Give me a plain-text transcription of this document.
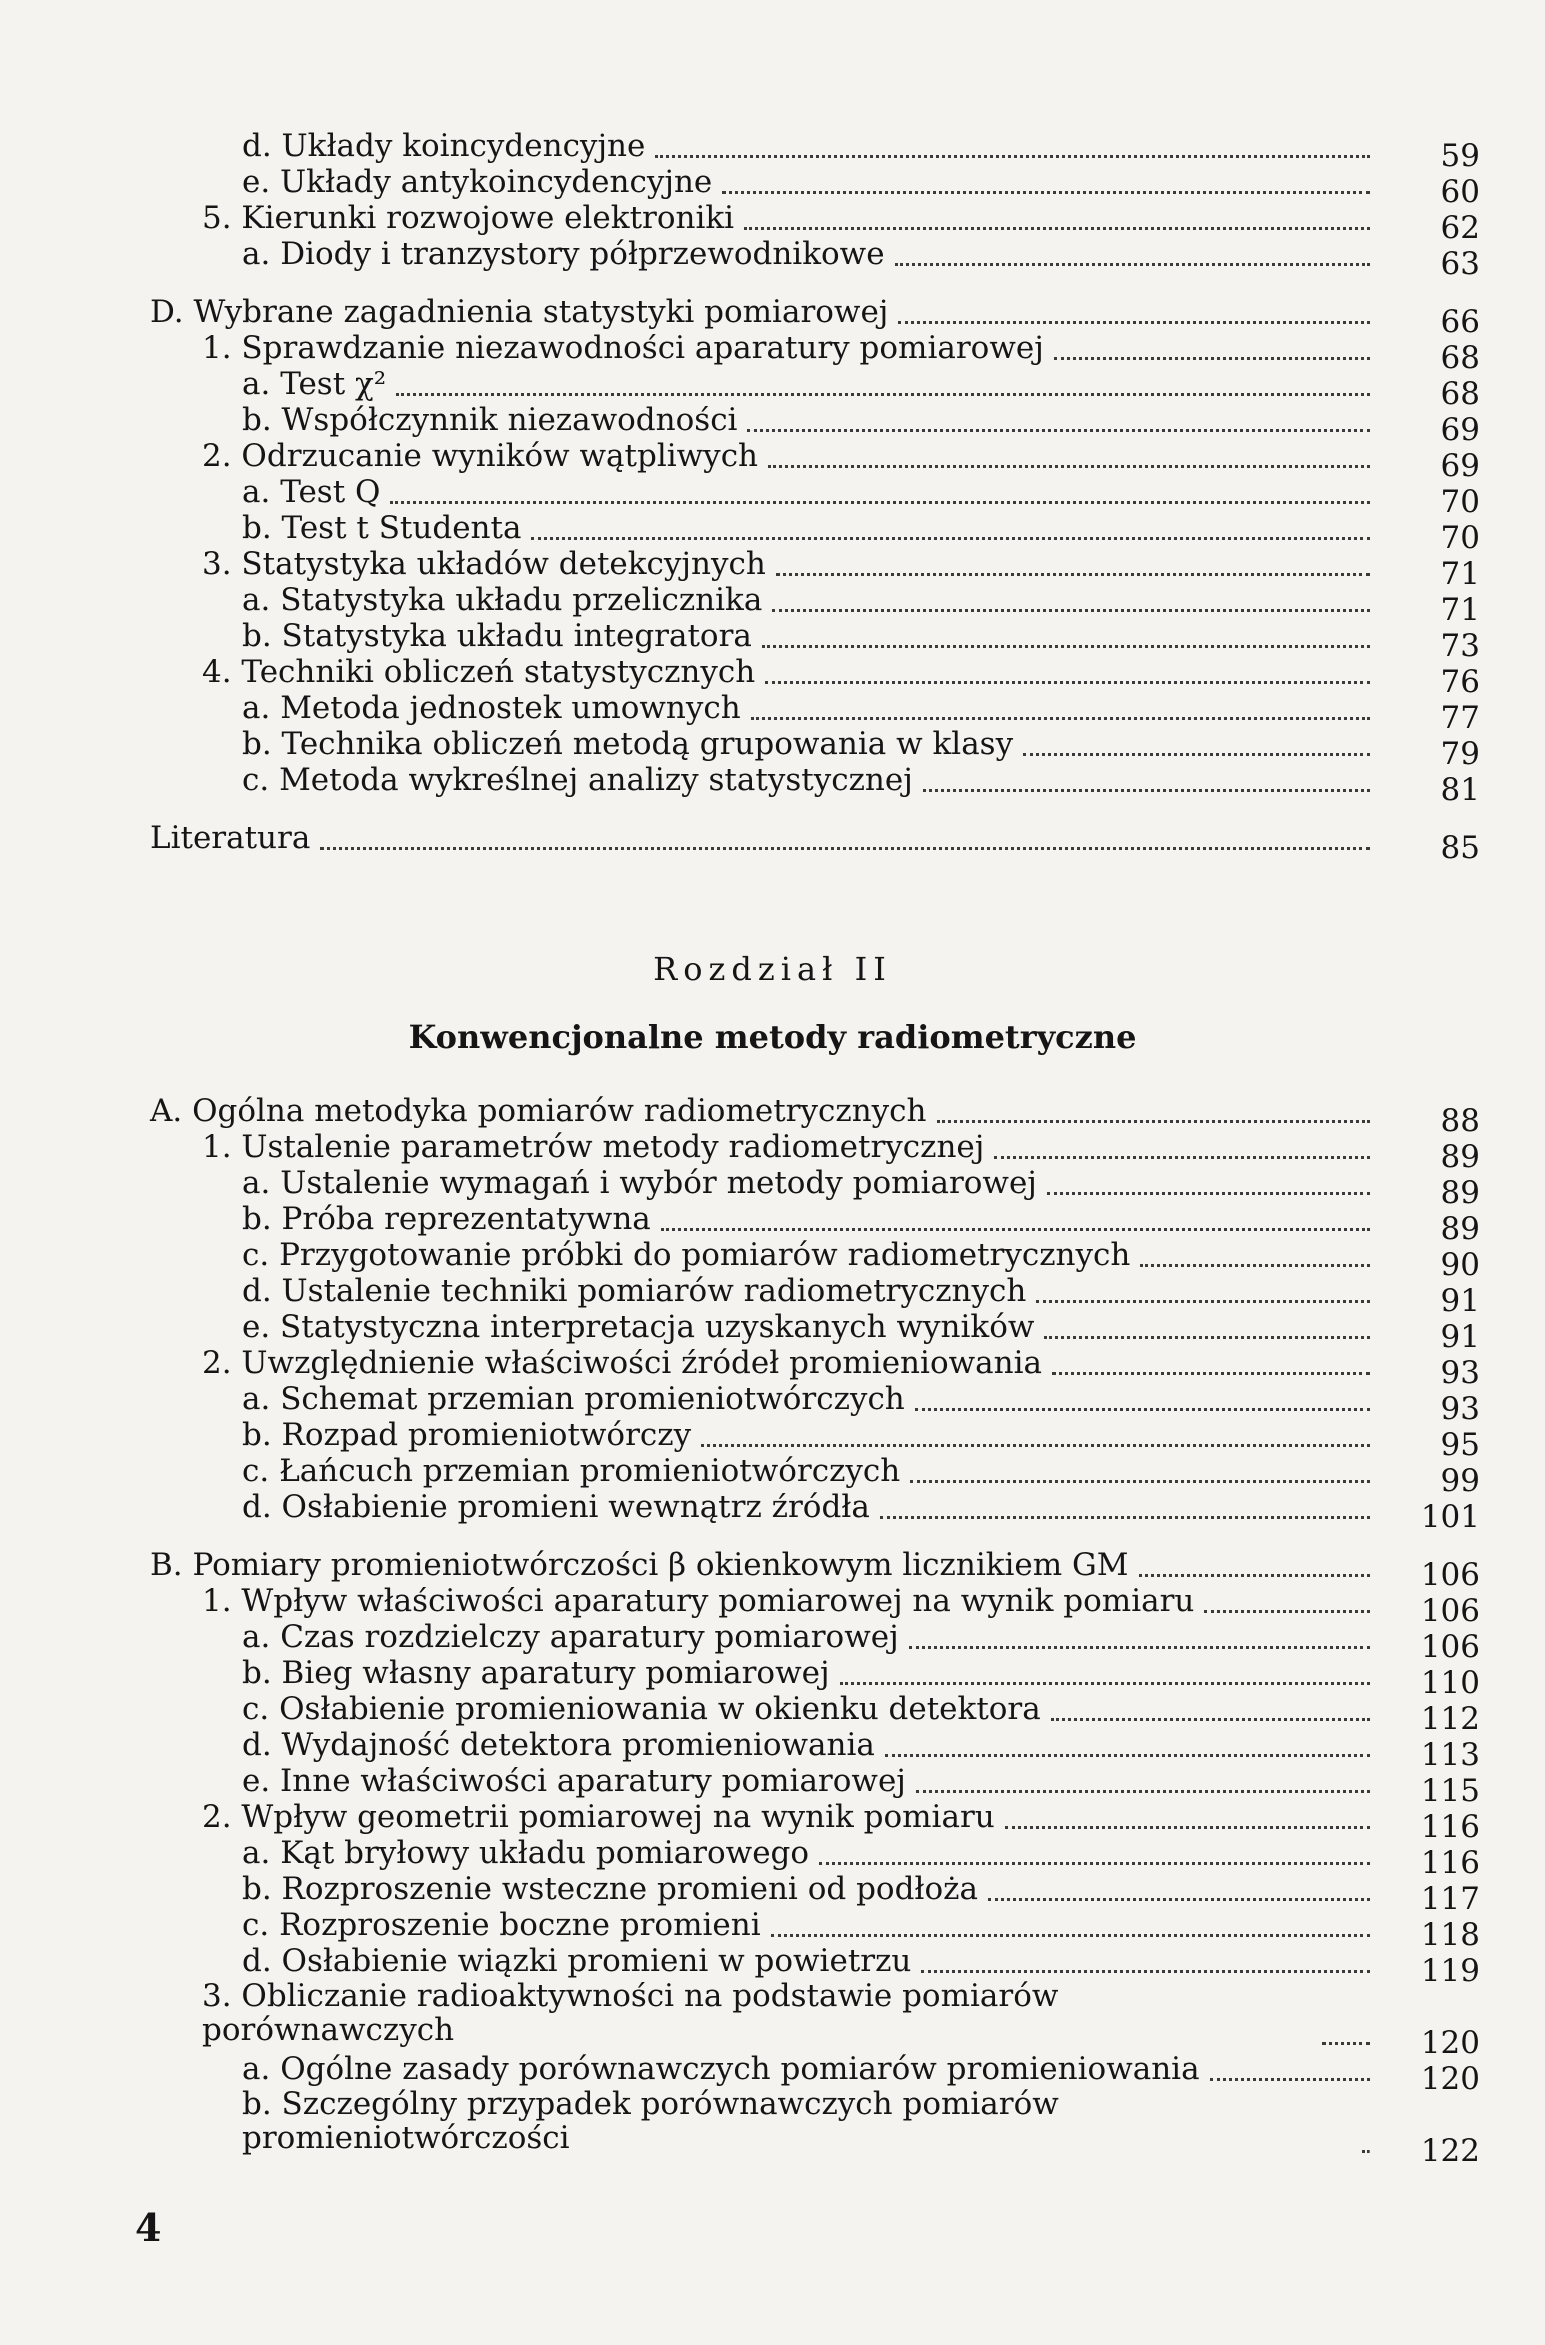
d. Układy koincydencyjne	59
e. Układy antykoincydencyjne	60
5. Kierunki rozwojowe elektroniki	62
a. Diody i tranzystory półprzewodnikowe	63
D. Wybrane zagadnienia statystyki pomiarowej	66
1. Sprawdzanie niezawodności aparatury pomiarowej	68
a. Test χ²	68
b. Współczynnik niezawodności	69
2. Odrzucanie wyników wątpliwych	69
a. Test Q	70
b. Test t Studenta	70
3. Statystyka układów detekcyjnych	71
a. Statystyka układu przelicznika	71
b. Statystyka układu integratora	73
4. Techniki obliczeń statystycznych	76
a. Metoda jednostek umownych	77
b. Technika obliczeń metodą grupowania w klasy	79
c. Metoda wykreślnej analizy statystycznej	81
Literatura	85
Rozdział II
Konwencjonalne metody radiometryczne
A. Ogólna metodyka pomiarów radiometrycznych	88
1. Ustalenie parametrów metody radiometrycznej	89
a. Ustalenie wymagań i wybór metody pomiarowej	89
b. Próba reprezentatywna	89
c. Przygotowanie próbki do pomiarów radiometrycznych	90
d. Ustalenie techniki pomiarów radiometrycznych	91
e. Statystyczna interpretacja uzyskanych wyników	91
2. Uwzględnienie właściwości źródeł promieniowania	93
a. Schemat przemian promieniotwórczych	93
b. Rozpad promieniotwórczy	95
c. Łańcuch przemian promieniotwórczych	99
d. Osłabienie promieni wewnątrz źródła	101
B. Pomiary promieniotwórczości β okienkowym licznikiem GM	106
1. Wpływ właściwości aparatury pomiarowej na wynik pomiaru	106
a. Czas rozdzielczy aparatury pomiarowej	106
b. Bieg własny aparatury pomiarowej	110
c. Osłabienie promieniowania w okienku detektora	112
d. Wydajność detektora promieniowania	113
e. Inne właściwości aparatury pomiarowej	115
2. Wpływ geometrii pomiarowej na wynik pomiaru	116
a. Kąt bryłowy układu pomiarowego	116
b. Rozproszenie wsteczne promieni od podłoża	117
c. Rozproszenie boczne promieni	118
d. Osłabienie wiązki promieni w powietrzu	119
3. Obliczanie radioaktywności na podstawie pomiarów porównawczych	120
a. Ogólne zasady porównawczych pomiarów promieniowania	120
b. Szczególny przypadek porównawczych pomiarów promieniotwórczości	122
4
